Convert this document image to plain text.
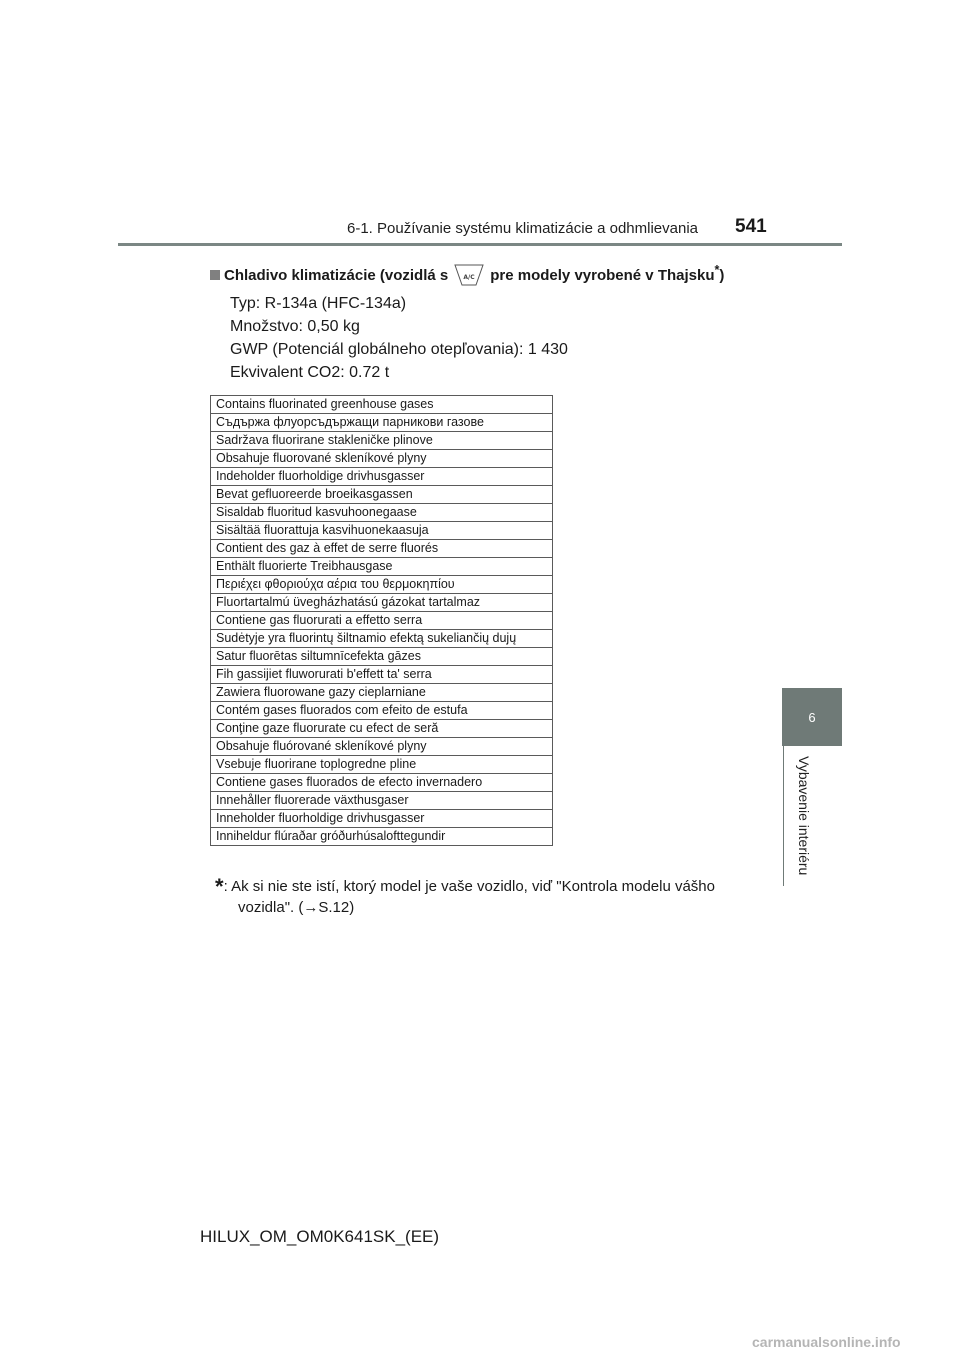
6-1. Používanie systému klimatizácie a odhmlievania 541
6
Vybavenie interiéru
Chladivo klimatizácie (vozidlá s	A/C pre modely vyrobené v Thajsku*)
Typ: R-134a (HFC-134a)
Množstvo: 0,50 kg
GWP (Potenciál globálneho otepľovania): 1 430
Ekvivalent CO2: 0.72 t
Contains fluorinated greenhouse gases
Съдържа флуорсъдържащи парникови газове
Sadržava fluorirane stakleničke plinove
Obsahuje fluorované skleníkové plyny
Indeholder fluorholdige drivhusgasser
Bevat gefluoreerde broeikasgassen
Sisaldab fluoritud kasvuhoonegaase
Sisältää fluorattuja kasvihuonekaasuja
Contient des gaz à effet de serre fluorés
Enthält fluorierte Treibhausgase
Περιέχει φθοριούχα αέρια του θερμοκηπίου
Fluortartalmú üvegházhatású gázokat tartalmaz
Contiene gas fluorurati a effetto serra
Sudėtyje yra fluorintų šiltnamio efektą sukeliančių dujų
Satur fluorētas siltumnīcefekta gāzes
Fih gassijiet fluworurati b'effett ta' serra
Zawiera fluorowane gazy cieplarniane
Contém gases fluorados com efeito de estufa
Conţine gaze fluorurate cu efect de seră
Obsahuje fluórované skleníkové plyny
Vsebuje fluorirane toplogredne pline
Contiene gases fluorados de efecto invernadero
Innehåller fluorerade växthusgaser
Inneholder fluorholdige drivhusgasser
Inniheldur flúraðar gróðurhúsalofttegundir
*: Ak si nie ste istí, ktorý model je vaše vozidlo, viď "Kontrola modelu vášho
vozidla". (→S.12)
HILUX_OM_OM0K641SK_(EE)
carmanualsonline.info
